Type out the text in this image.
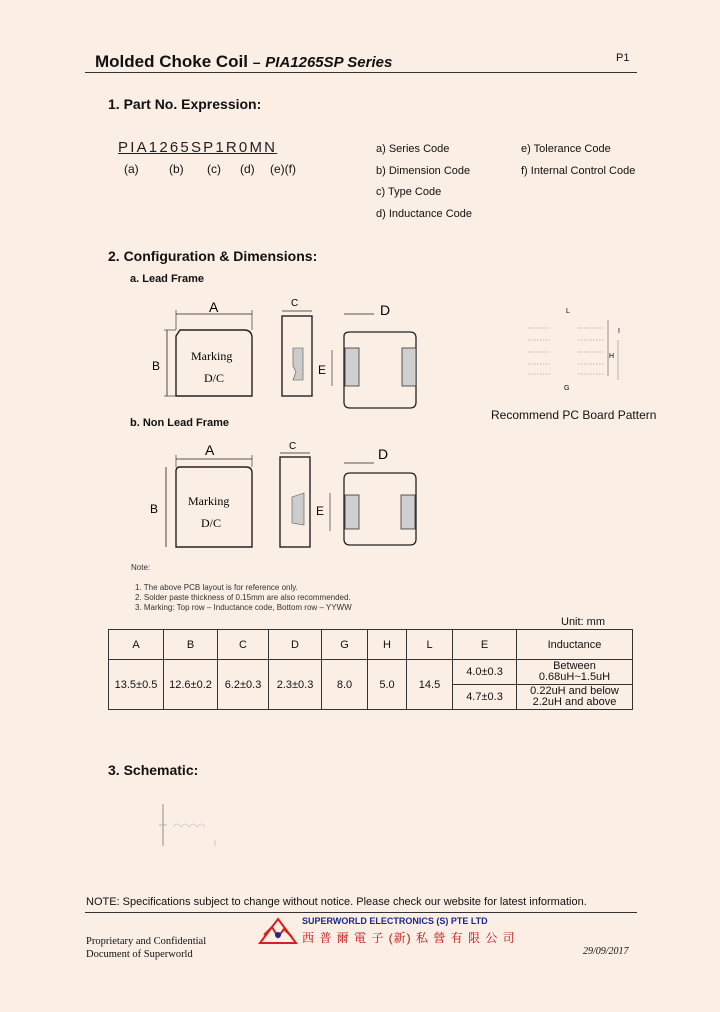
Molded Choke Coil – PIA1265SP Series	P1
1. Part No. Expression:
PIA1265SP1R0MN
(a)	(b) (c) (d) (e)(f)
a) Series Code
b) Dimension Code
c) Type Code
d) Inductance Code
e) Tolerance Code
f) Internal Control Code
2. Configuration & Dimensions:
a. Lead Frame
b. Non Lead Frame
A
B
Marking
D/C
C
E
D	L
I
H
G
Recommend PC Board Pattern
A
B
Marking
D/C
C
E
D
Note:
1. The above PCB layout is for reference only.
2. Solder paste thickness of 0.15mm are also recommended.
3. Marking: Top row – Inductance code, Bottom row – YYWW
Unit: mm
A	B	C	D	G	H	L	E	Inductance
13.5±0.5	12.6±0.2	6.2±0.3	2.3±0.3	8.0	5.0	14.5	4.0±0.3	Between 0.68uH~1.5uH
							4.7±0.3	0.22uH and below
2.2uH and above
3. Schematic:
NOTE: Specifications subject to change without notice. Please check our website for latest information.
Proprietary and Confidential
Document of Superworld
SUPERWORLD ELECTRONICS (S) PTE LTD
西 普 爾 電 子 (新) 私 營 有 限 公 司
29/09/2017
